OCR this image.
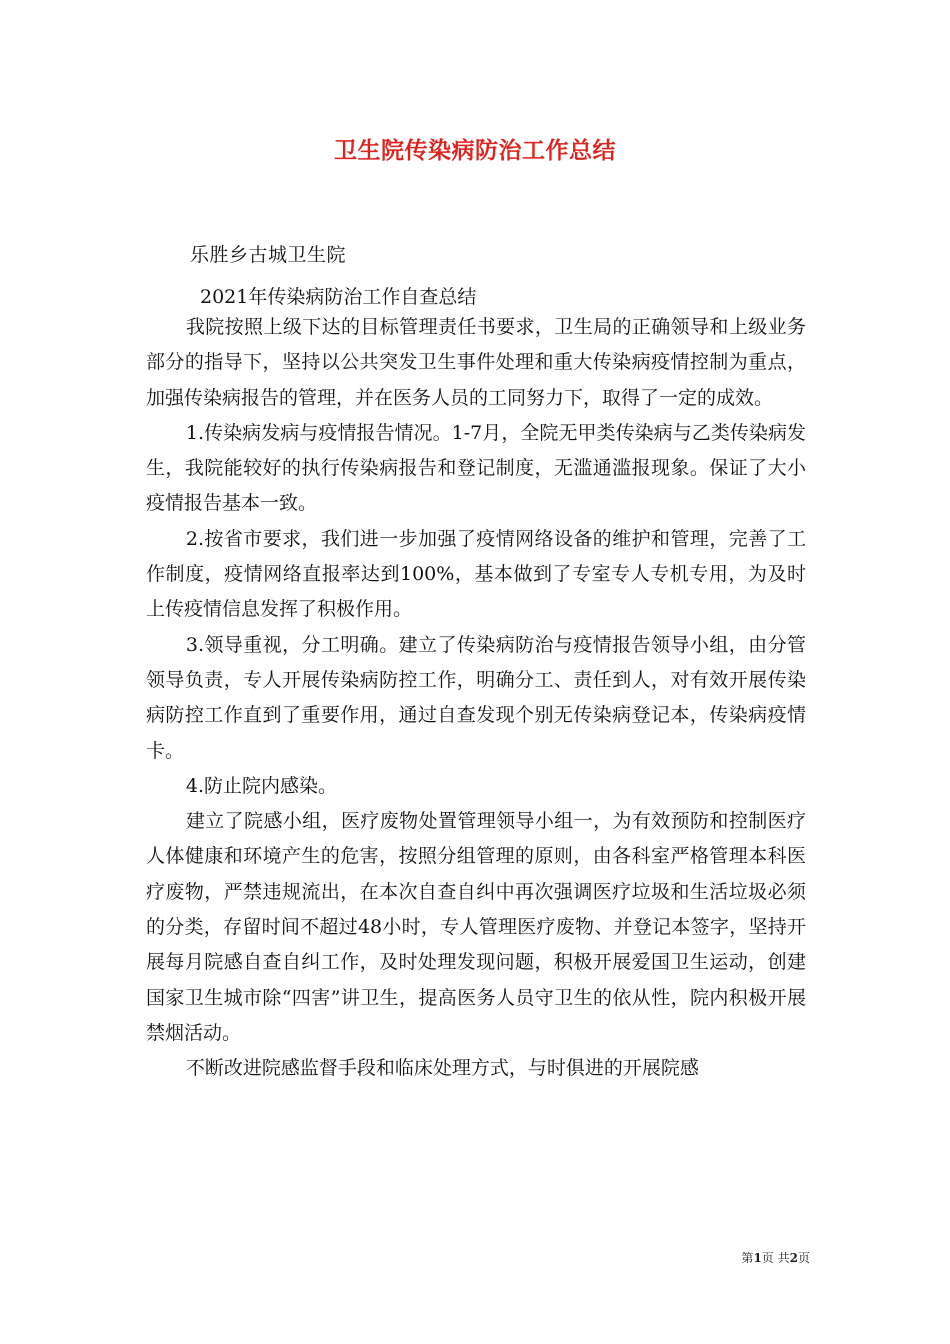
卫生院传染病防治工作总结
乐胜乡古城卫生院
2021年传染病防治工作自查总结

我院按照上级下达的目标管理责任书要求，卫生局的正确领导和上级业务部分的指导下，坚持以公共突发卫生事件处理和重大传染病疫情控制为重点，加强传染病报告的管理，并在医务人员的工同努力下，取得了一定的成效。

1.传染病发病与疫情报告情况。1-7月，全院无甲类传染病与乙类传染病发生，我院能较好的执行传染病报告和登记制度，无滥通滥报现象。保证了大小疫情报告基本一致。

2.按省市要求，我们进一步加强了疫情网络设备的维护和管理，完善了工作制度，疫情网络直报率达到100%，基本做到了专室专人专机专用，为及时上传疫情信息发挥了积极作用。

3.领导重视，分工明确。建立了传染病防治与疫情报告领导小组，由分管领导负责，专人开展传染病防控工作，明确分工、责任到人，对有效开展传染病防控工作直到了重要作用，通过自查发现个别无传染病登记本，传染病疫情卡。

4.防止院内感染。

建立了院感小组，医疗废物处置管理领导小组一，为有效预防和控制医疗人体健康和环境产生的危害，按照分组管理的原则，由各科室严格管理本科医疗废物，严禁违规流出，在本次自查自纠中再次强调医疗垃圾和生活垃圾必须的分类，存留时间不超过48小时，专人管理医疗废物、并登记本签字，坚持开展每月院感自查自纠工作，及时处理发现问题，积极开展爱国卫生运动，创建国家卫生城市除“四害”讲卫生，提高医务人员守卫生的依从性，院内积极开展禁烟活动。

不断改进院感监督手段和临床处理方式，与时俱进的开展院感

第1页 共2页
